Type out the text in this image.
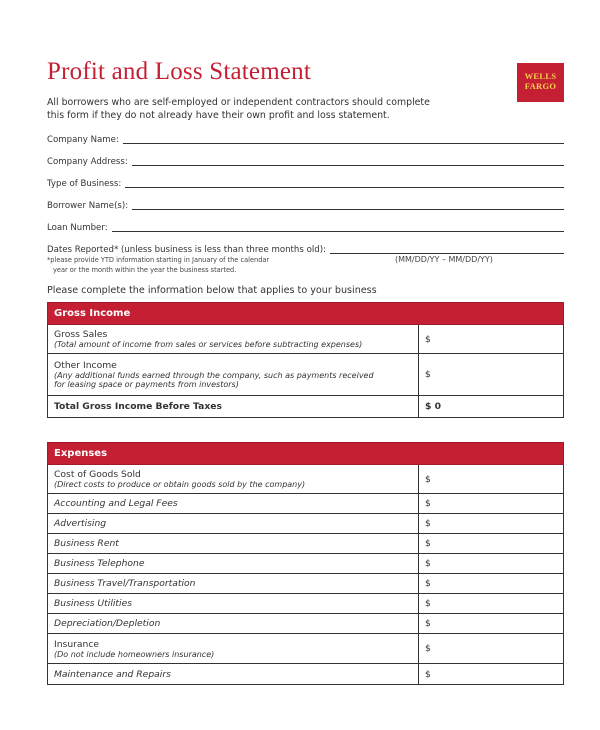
Profit and Loss Statement	WELLS
FARGO
All borrowers who are self-employed or independent contractors should complete
this form if they do not already have their own profit and loss statement.
Company Name:
Company Address:
Type of Business:
Borrower Name(s):
Loan Number:
Dates Reported* (unless business is less than three months old):
*please provide YTD information starting in January of the calendar
year or the month within the year the business started.
(MM/DD/YY – MM/DD/YY)
Please complete the information below that applies to your business
Gross Income	
Gross Sales
(Total amount of income from sales or services before subtracting expenses)	$
Other Income
(Any additional funds earned through the company, such as payments received
for leasing space or payments from investors)	$
Total Gross Income Before Taxes	$ 0
Expenses	
Cost of Goods Sold
(Direct costs to produce or obtain goods sold by the company)	$
Accounting and Legal Fees	$
Advertising	$
Business Rent	$
Business Telephone	$
Business Travel/Transportation	$
Business Utilities	$
Depreciation/Depletion	$
Insurance
(Do not include homeowners insurance)	$
Maintenance and Repairs	$
